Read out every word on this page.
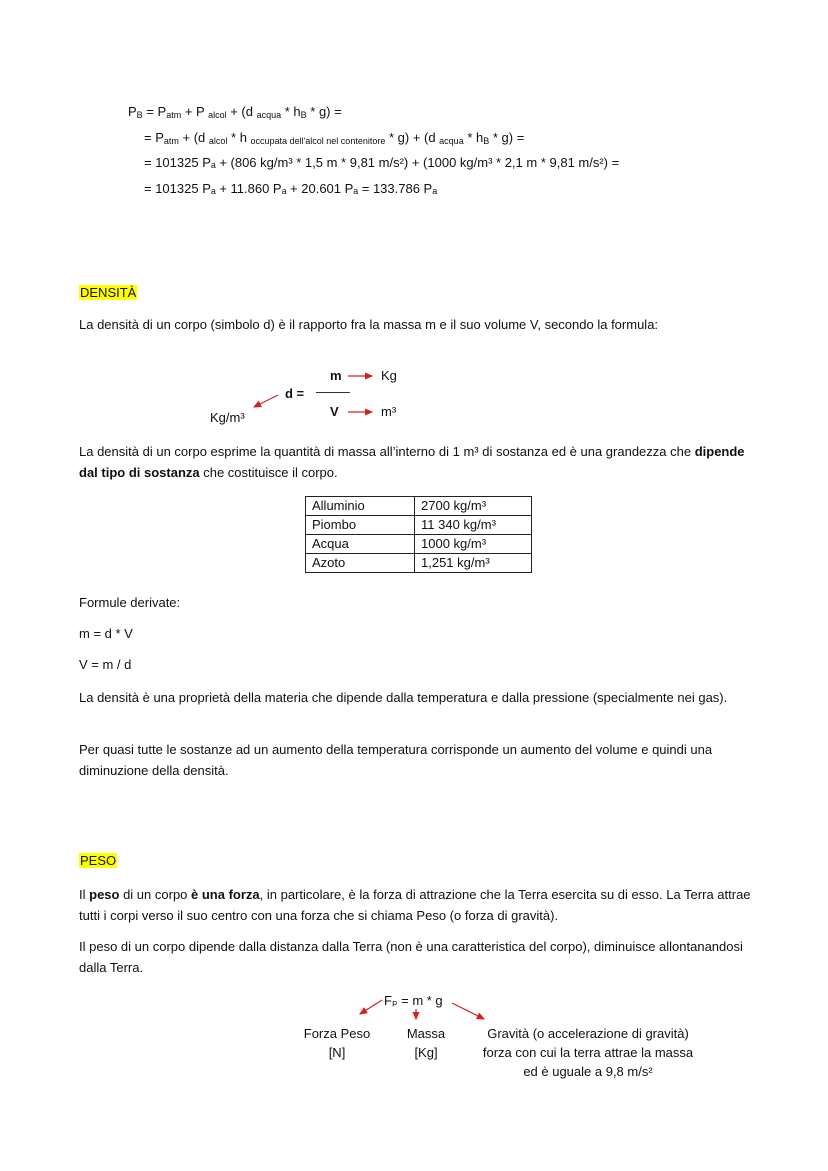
$P_B = P_{atm} + P$ $_{alcol}$ + (d $_{acqua} * h_B * g$) =
= $P_{atm} + (d$ $_{alcol}$ * h $_{occupata dell'alcol nel contenitore}$ * g) + (d $_{acqua} * h_B * g$) =
= 101325 Pₐ + (806 kg/m³ * 1,5 m * 9,81 m/s²) + (1000 kg/m³ * 2,1 m * 9,81 m/s²) =
= 101325 Pₐ + 11.860 Pₐ + 20.601 Pₐ = 133.786 Pₐ
DENSITÀ
La densità di un corpo (simbolo d) è il rapporto fra la massa m e il suo volume V, secondo la formula:
m
d =
V
Kg
m³
Kg/m³
La densità di un corpo esprime la quantità di massa all’interno di 1 m³ di sostanza ed è una grandezza che dipende dal tipo di sostanza che costituisce il corpo.
Alluminio	2700 kg/m³
Piombo	11 340 kg/m³
Acqua	1000 kg/m³
Azoto	1,251 kg/m³
Formule derivate:
m = d * V
V = m / d
La densità è una proprietà della materia che dipende dalla temperatura e dalla pressione (specialmente nei gas).
Per quasi tutte le sostanze ad un aumento della temperatura corrisponde un aumento del volume e quindi una diminuzione della densità.
PESO
Il peso di un corpo è una forza, in particolare, è la forza di attrazione che la Terra esercita su di esso. La Terra attrae tutti i corpi verso il suo centro con una forza che si chiama Peso (o forza di gravità).
Il peso di un corpo dipende dalla distanza dalla Terra (non è una caratteristica del corpo), diminuisce allontanandosi dalla Terra.
Fₚ = m * g
Forza Peso
[N]
Massa
[Kg]
Gravità (o accelerazione di gravità)
forza con cui la terra attrae la massa
ed è uguale a 9,8 m/s²
